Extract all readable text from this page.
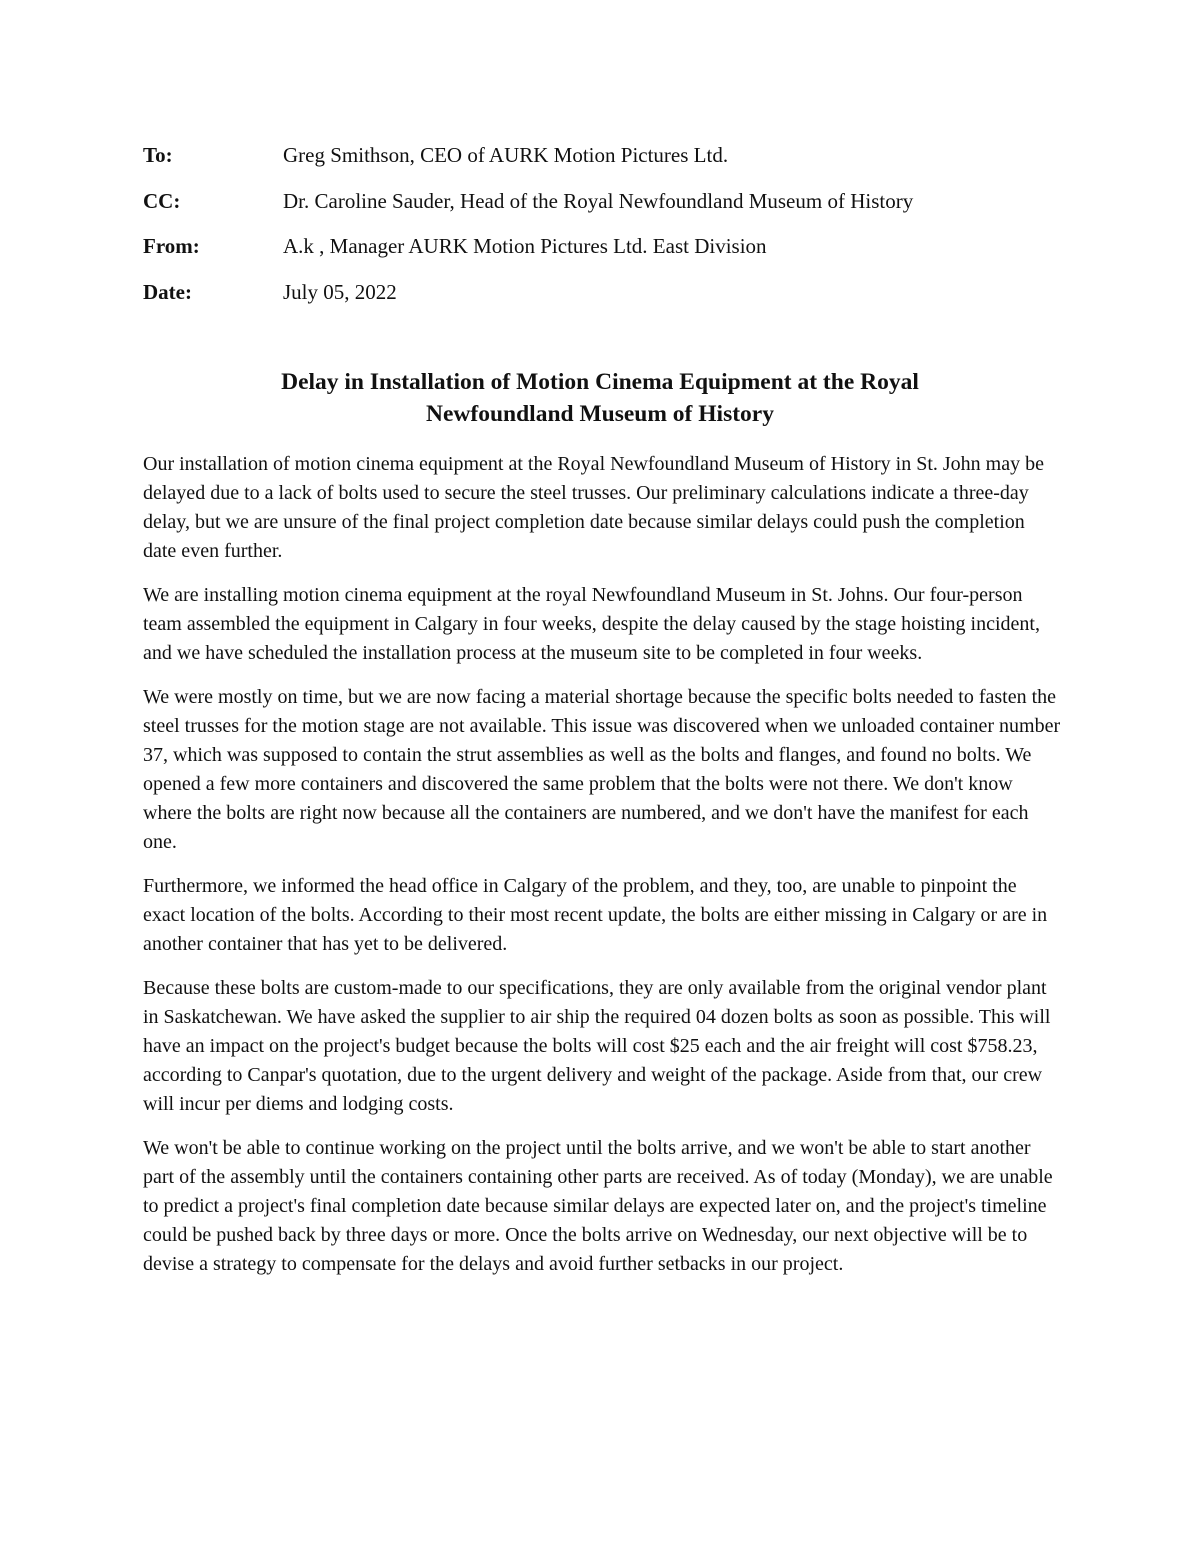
To:	Greg Smithson, CEO of AURK Motion Pictures Ltd.
CC:	Dr. Caroline Sauder, Head of the Royal Newfoundland Museum of History
From:	A.k , Manager AURK Motion Pictures Ltd. East Division
Date:	July 05, 2022
Delay in Installation of Motion Cinema Equipment at the Royal
Newfoundland Museum of History

Our installation of motion cinema equipment at the Royal Newfoundland Museum of History in St. John may be delayed due to a lack of bolts used to secure the steel trusses. Our preliminary calculations indicate a three-day delay, but we are unsure of the final project completion date because similar delays could push the completion date even further.

We are installing motion cinema equipment at the royal Newfoundland Museum in St. Johns. Our four-person team assembled the equipment in Calgary in four weeks, despite the delay caused by the stage hoisting incident, and we have scheduled the installation process at the museum site to be completed in four weeks.

We were mostly on time, but we are now facing a material shortage because the specific bolts needed to fasten the steel trusses for the motion stage are not available. This issue was discovered when we unloaded container number 37, which was supposed to contain the strut assemblies as well as the bolts and flanges, and found no bolts. We opened a few more containers and discovered the same problem that the bolts were not there. We don't know where the bolts are right now because all the containers are numbered, and we don't have the manifest for each one.

Furthermore, we informed the head office in Calgary of the problem, and they, too, are unable to pinpoint the exact location of the bolts. According to their most recent update, the bolts are either missing in Calgary or are in another container that has yet to be delivered.

Because these bolts are custom-made to our specifications, they are only available from the original vendor plant in Saskatchewan. We have asked the supplier to air ship the required 04 dozen bolts as soon as possible. This will have an impact on the project's budget because the bolts will cost $25 each and the air freight will cost $758.23, according to Canpar's quotation, due to the urgent delivery and weight of the package. Aside from that, our crew will incur per diems and lodging costs.

We won't be able to continue working on the project until the bolts arrive, and we won't be able to start another part of the assembly until the containers containing other parts are received. As of today (Monday), we are unable to predict a project's final completion date because similar delays are expected later on, and the project's timeline could be pushed back by three days or more. Once the bolts arrive on Wednesday, our next objective will be to devise a strategy to compensate for the delays and avoid further setbacks in our project.
